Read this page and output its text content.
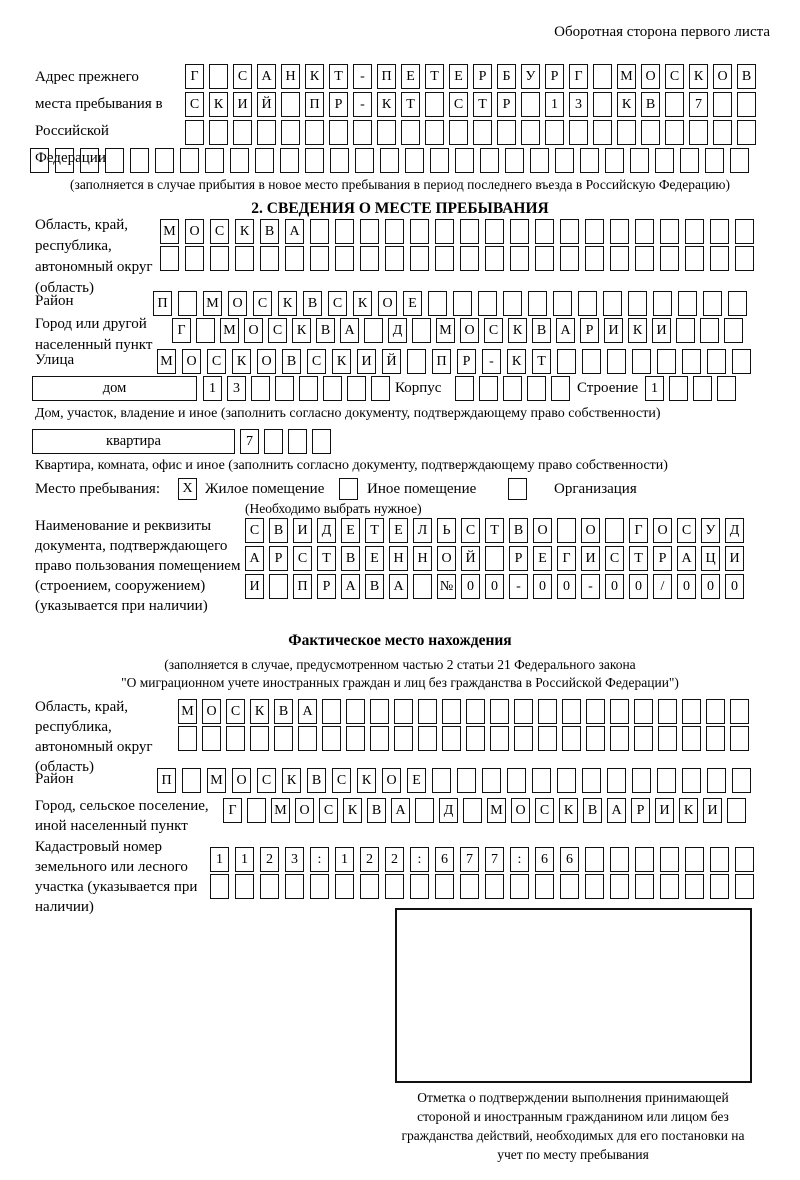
Оборотная сторона первого листа
Адрес прежнего места пребывания в Российской Федерации
Г	С	А Н	К	Т	-	П	Е	Т	Е	Р	Б	У	Р	Г	М О	С	К	О	В
С	К	И Й	П	Р	-	К	Т	С	Т	Р	1	3	К	В	7
(заполняется в случае прибытия в новое место пребывания в период последнего въезда в Российскую Федерацию)
2. СВЕДЕНИЯ О МЕСТЕ ПРЕБЫВАНИЯ
Область, край, республика, автономный округ (область)
М О	С	К	В	А
Район	П	М О	С	К	В	С	К	О	Е
Город или другой населенный пункт
Г	М О	С	К	В	А	Д	М О	С	К	В	А	Р	И	К	И
Улица	М О	С	К	О	В	С	К	И	Й	П	Р	-	К	Т
дом	1	3	Корпус	Строение 1
Дом, участок, владение и иное (заполнить согласно документу, подтверждающему право собственности)
квартира	7
Квартира, комната, офис и иное (заполнить согласно документу, подтверждающему право собственности)
Место пребывания:	X Жилое помещение	Иное помещение	Организация
(Необходимо выбрать нужное)
Наименование и реквизиты документа, подтверждающего право пользования помещением (строением, сооружением) (указывается при наличии)
С	В	И	Д	Е	Т	Е	Л	Ь	С	Т	В	О	О	Г	О	С	У	Д
А	Р	С	Т	В	Е	Н Н О Й	Р	Е	Г	И	С	Т	Р	А Ц И
И	П	Р	А	В	А	№ 0	0	-	0	0	-	0	0	/	0	0	0
Фактическое место нахождения
(заполняется в случае, предусмотренном частью 2 статьи 21 Федерального закона
"О миграционном учете иностранных граждан и лиц без гражданства в Российской Федерации")
Область, край, республика, автономный округ (область)
М О	С	К	В	А
Район	П	М О	С	К	В	С	К	О	Е
Город, сельское поселение, иной населенный пункт
Г	М О	С	К	В	А	Д	М О	С	К	В	А	Р	И	К	И
Кадастровый номер земельного или лесного участка (указывается при наличии)
1	1	2	3	:	1	2	2	:	6	7	7	:	6	6
Отметка о подтверждении выполнения принимающей стороной и иностранным гражданином или лицом без гражданства действий, необходимых для его постановки на учет по месту пребывания
